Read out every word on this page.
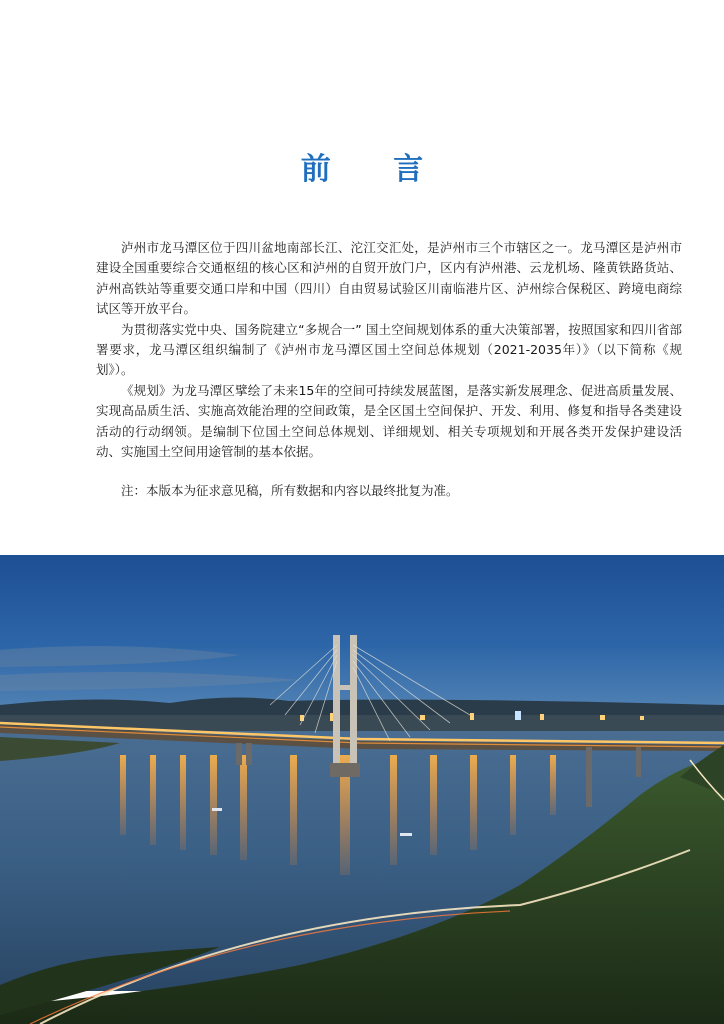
前 言

泸州市龙马潭区位于四川盆地南部长江、沱江交汇处，是泸州市三个市辖区之一。龙马潭区是泸州市建设全国重要综合交通枢纽的核心区和泸州的自贸开放门户，区内有泸州港、云龙机场、隆黄铁路货站、泸州高铁站等重要交通口岸和中国（四川）自由贸易试验区川南临港片区、泸州综合保税区、跨境电商综试区等开放平台。

为贯彻落实党中央、国务院建立“多规合一” 国土空间规划体系的重大决策部署，按照国家和四川省部署要求，龙马潭区组织编制了《泸州市龙马潭区国土空间总体规划（2021-2035年）》（以下简称《规划》）。

《规划》为龙马潭区擘绘了未来15年的空间可持续发展蓝图，是落实新发展理念、促进高质量发展、实现高品质生活、实施高效能治理的空间政策，是全区国土空间保护、开发、利用、修复和指导各类建设活动的行动纲领。是编制下位国土空间总体规划、详细规划、相关专项规划和开展各类开发保护建设活动、实施国土空间用途管制的基本依据。

注：本版本为征求意见稿，所有数据和内容以最终批复为准。
